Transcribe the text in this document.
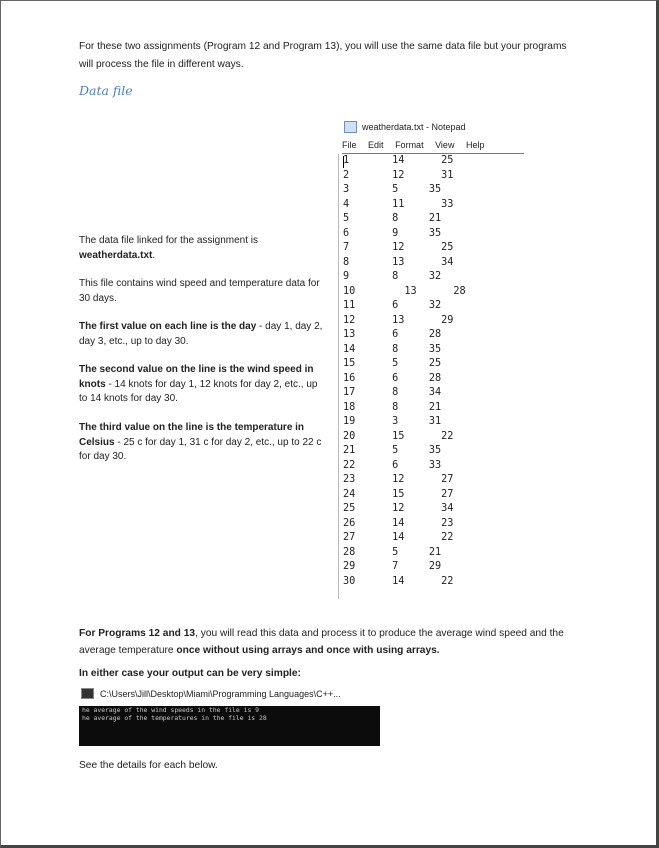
For these two assignments (Program 12 and Program 13), you will use the same data file but your programs will process the file in different ways.
Data file
The data file linked for the assignment is
weatherdata.txt.
This file contains wind speed and temperature data for 30 days.
The first value on each line is the day - day 1, day 2, day 3, etc., up to day 30.
The second value on the line is the wind speed in knots - 14 knots for day 1, 12 knots for day 2, etc., up to 14 knots for day 30.
The third value on the line is the temperature in Celsius - 25 c for day 1, 31 c for day 2, etc., up to 22 c for day 30.
weatherdata.txt - Notepad
File Edit Format View Help
1       14      25
2       12      31
3       5     35
4       11      33
5       8     21
6       9     35
7       12      25
8       13      34
9       8     32
10        13      28
11      6     32
12      13      29
13      6     28
14      8     35
15      5     25
16      6     28
17      8     34
18      8     21
19      3     31
20      15      22
21      5     35
22      6     33
23      12      27
24      15      27
25      12      34
26      14      23
27      14      22
28      5     21
29      7     29
30      14      22
For Programs 12 and 13, you will read this data and process it to produce the average wind speed and the average temperature once without using arrays and once with using arrays.
In either case your output can be very simple:
C:\Users\Jill\Desktop\Miami\Programming Languages\C++...
he average of the wind speeds in the file is 9
he average of the temperatures in the file is 28
See the details for each below.
